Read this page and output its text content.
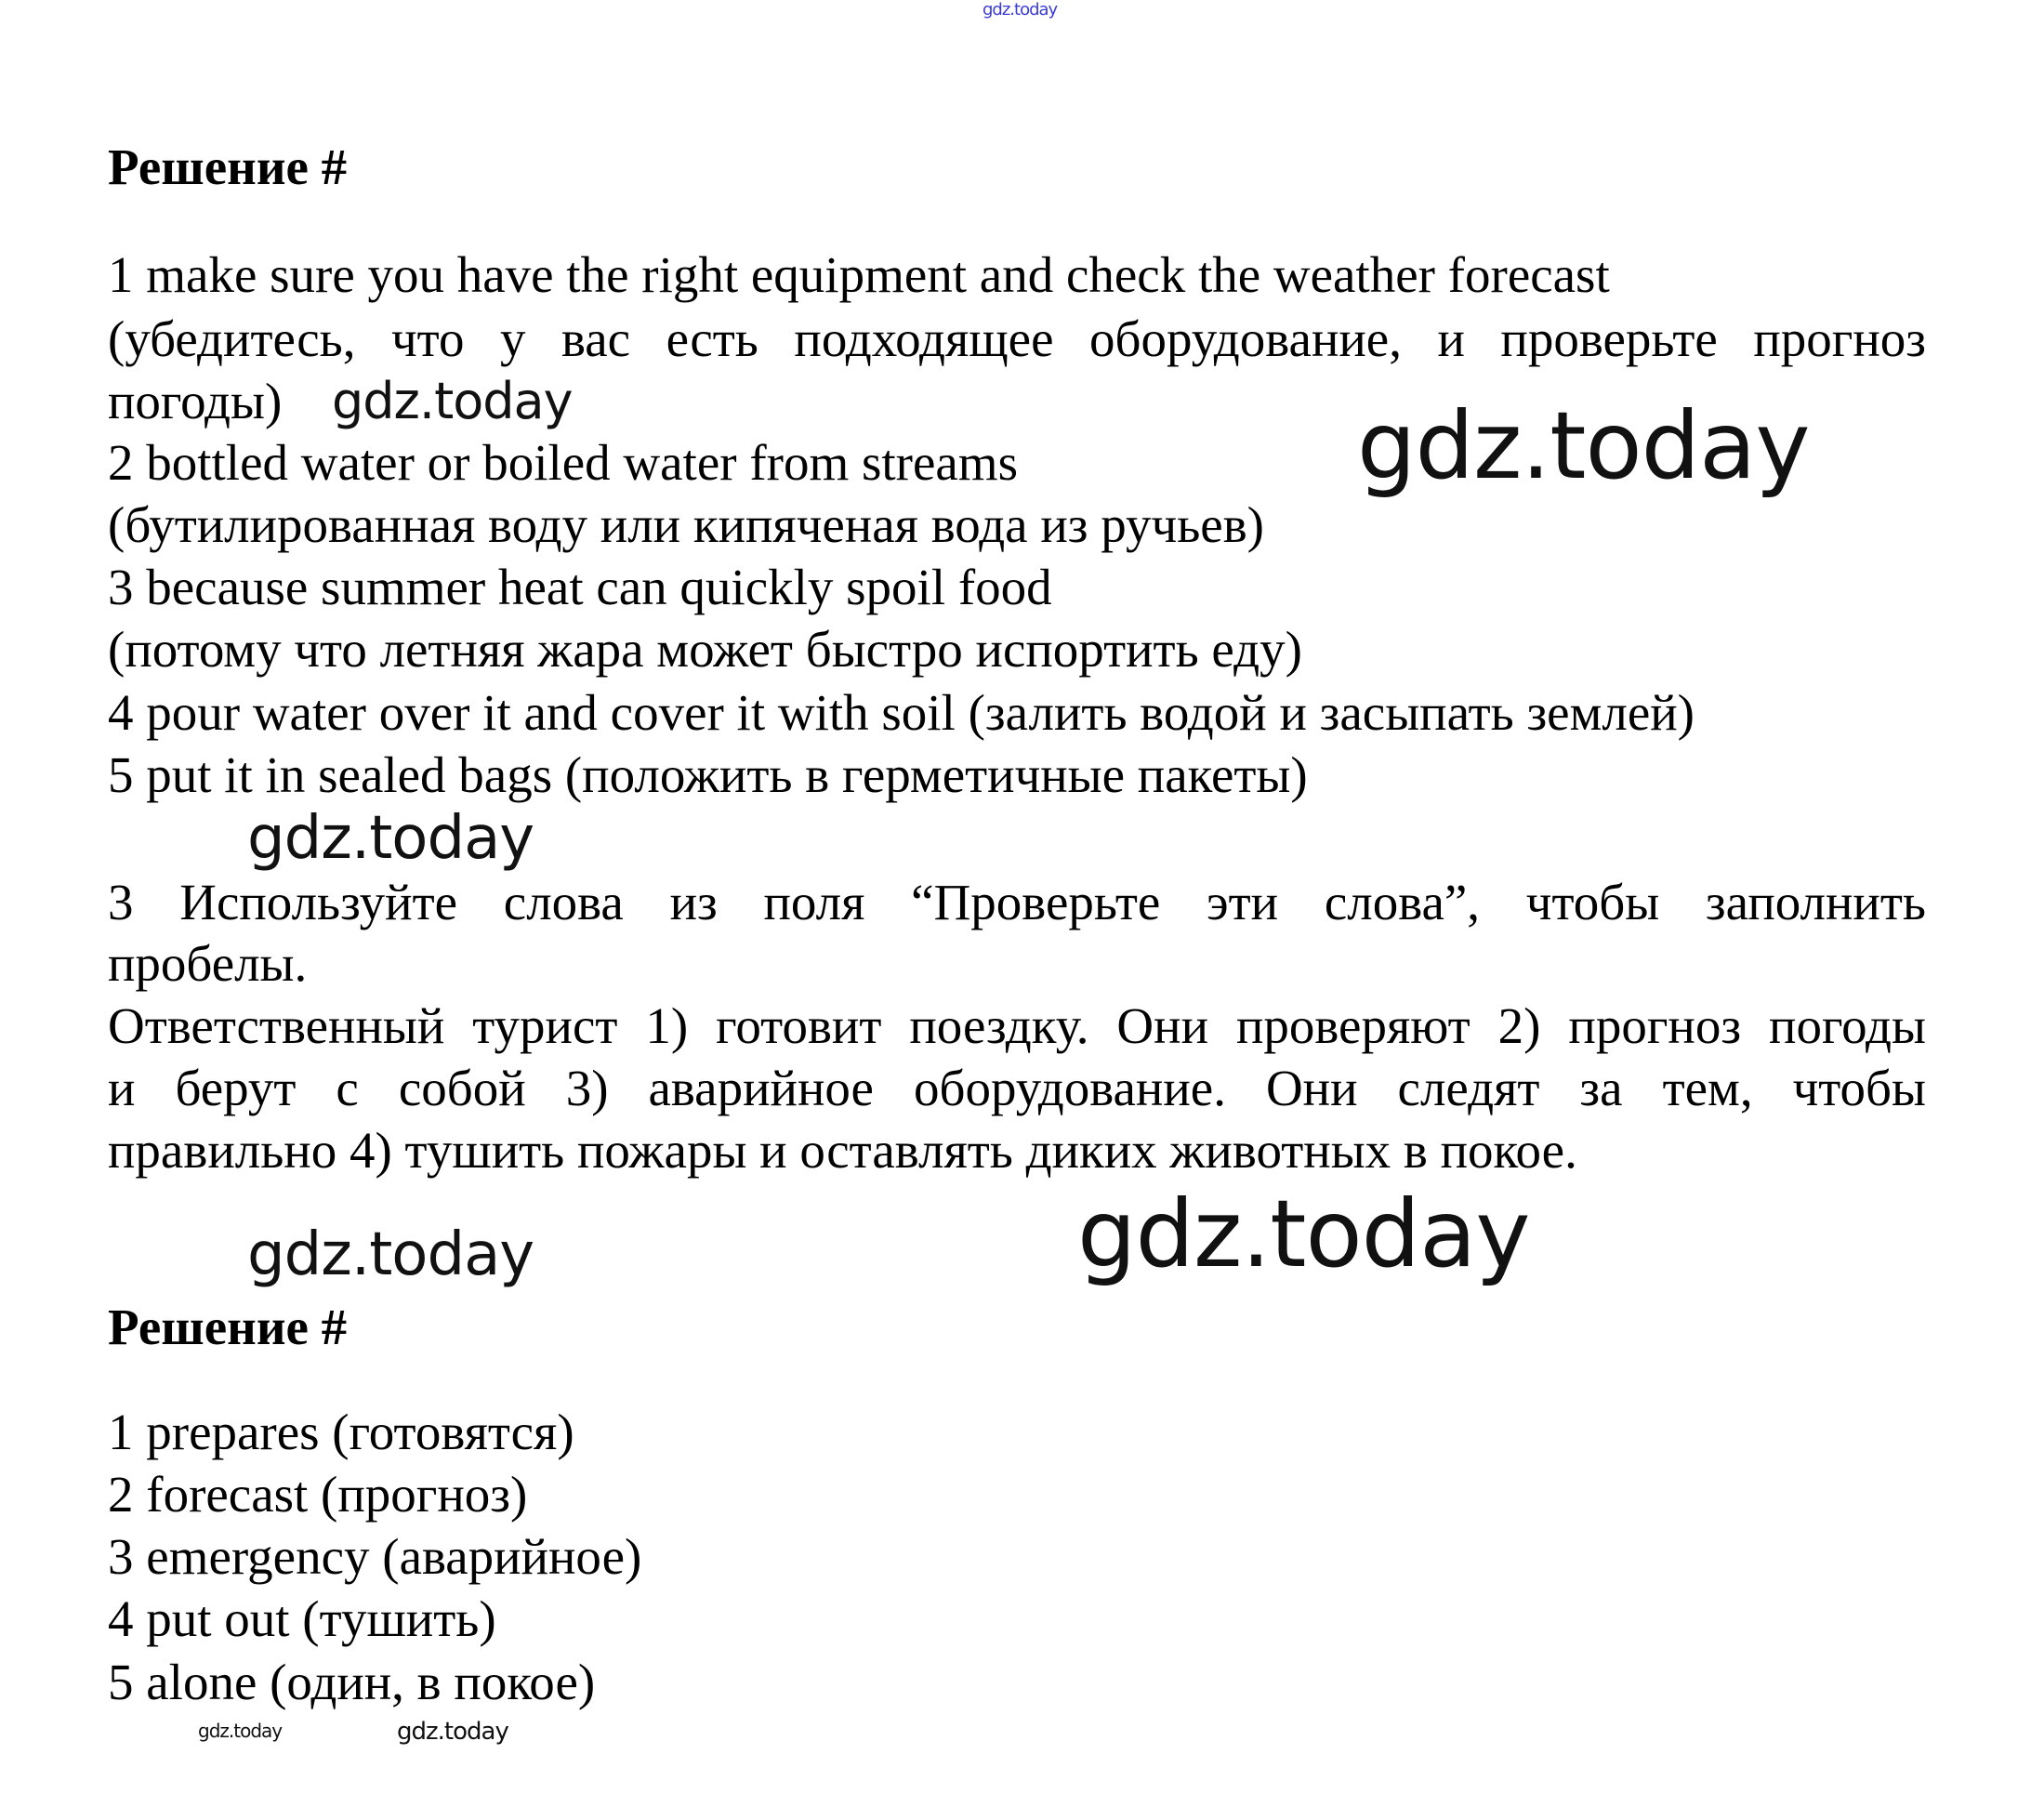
gdz.today
Решение #
1 make sure you have the right equipment and check the weather forecast
(убедитесь, что у вас есть подходящее оборудование, и проверьте прогноз
погоды) gdz.today
2 bottled water or boiled water from streams	gdz.today
(бутилированная воду или кипяченая вода из ручьев)
3 because summer heat can quickly spoil food
(потому что летняя жара может быстро испортить еду)
4 pour water over it and cover it with soil (залить водой и засыпать землей)
5 put it in sealed bags (положить в герметичные пакеты)
gdz.today
3 Используйте слова из поля “Проверьте эти слова”, чтобы заполнить
пробелы.
Ответственный турист 1) готовит поездку. Они проверяют 2) прогноз погоды
и берут с собой 3) аварийное оборудование. Они следят за тем, чтобы
правильно 4) тушить пожары и оставлять диких животных в покое.
gdz.today
gdz.today
Решение #
1 prepares (готовятся)
2 forecast (прогноз)
3 emergency (аварийное)
4 put out (тушить)
5 alone (один, в покое)
gdz.today	gdz.today
